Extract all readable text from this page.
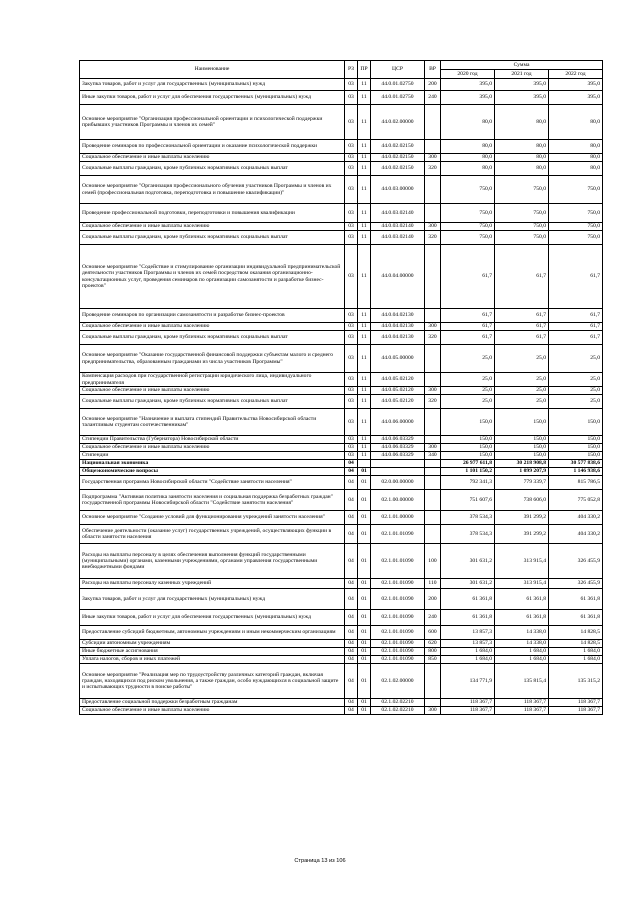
Наименование	РЗ	ПР	ЦСР	ВР	Сумма		
					2020 год	2021 год	2022 год
Закупка товаров, работ и услуг для государственных (муниципальных) нужд	03	11	44.0.01.02750	200	395,0	395,0	395,0
Иные закупки товаров, работ и услуг для обеспечения государственных (муниципальных) нужд	03	11	44.0.01.02750	240	395,0	395,0	395,0
Основное мероприятие "Организация профессиональной ориентации и психологической поддержки прибывших участников Программы и членов их семей"	03	11	44.0.02.00000		80,0	80,0	80,0
Проведение семинаров по профессиональной ориентации и оказание психологической поддержки	03	11	44.0.02.02150		80,0	80,0	80,0
Социальное обеспечение и иные выплаты населению	03	11	44.0.02.02150	300	80,0	80,0	80,0
Социальные выплаты гражданам, кроме публичных нормативных социальных выплат	03	11	44.0.02.02150	320	80,0	80,0	80,0
Основное мероприятие "Организация профессионального обучения участников Программы и членов их семей (профессиональная подготовка, переподготовка и повышение квалификации)"	03	11	44.0.03.00000		750,0	750,0	750,0
Проведение профессиональной подготовки, переподготовки и повышения квалификации	03	11	44.0.03.02140		750,0	750,0	750,0
Социальное обеспечение и иные выплаты населению	03	11	44.0.03.02140	300	750,0	750,0	750,0
Социальные выплаты гражданам, кроме публичных нормативных социальных выплат	03	11	44.0.03.02140	320	750,0	750,0	750,0
Основное мероприятие "Содействие и стимулирование организации индивидуальной предпринимательской деятельности участников Программы и членов их семей посредством оказания организационно-консультационных услуг, проведения семинаров по организации самозанятости и разработке бизнес-проектов"	03	11	44.0.04.00000		61,7	61,7	61,7
Проведение семинаров по организации самозанятости и разработке бизнес-проектов	03	11	44.0.04.02130		61,7	61,7	61,7
Социальное обеспечение и иные выплаты населению	03	11	44.0.04.02130	300	61,7	61,7	61,7
Социальные выплаты гражданам, кроме публичных нормативных социальных выплат	03	11	44.0.04.02130	320	61,7	61,7	61,7
Основное мероприятие "Оказание государственной финансовой поддержки субъектам малого и среднего предпринимательства, образованным гражданами из числа участников Программы"	03	11	44.0.05.00000		25,0	25,0	25,0
Компенсация расходов при государственной регистрации юридического лица, индивидуального предпринимателя	03	11	44.0.05.02120		25,0	25,0	25,0
Социальное обеспечение и иные выплаты населению	03	11	44.0.05.02120	300	25,0	25,0	25,0
Социальные выплаты гражданам, кроме публичных нормативных социальных выплат	03	11	44.0.05.02120	320	25,0	25,0	25,0
Основное мероприятие "Назначение и выплата стипендий Правительства Новосибирской области талантливым студентам соотечественникам"	03	11	44.0.06.00000		150,0	150,0	150,0
Стипендии Правительства (Губернатора) Новосибирской области	03	11	44.0.06.03329		150,0	150,0	150,0
Социальное обеспечение и иные выплаты населению	03	11	44.0.06.03329	300	150,0	150,0	150,0
Стипендии	03	11	44.0.06.03329	340	150,0	150,0	150,0
Национальная экономика	04				26 977 611,8	30 218 908,8	30 577 838,6
Общеэкономические вопросы	04	01			1 101 150,2	1 099 207,9	1 146 938,6
Государственная программа Новосибирской области "Содействие занятости населения"	04	01	02.0.00.00000		792 341,3	779 339,7	815 786,5
Подпрограмма "Активная политика занятости населения и социальная поддержка безработных граждан" государственной программы Новосибирской области "Содействие занятости населения"	04	01	02.1.00.00000		751 607,6	738 606,0	775 052,8
Основное мероприятие "Создание условий для функционирования учреждений занятости населения"	04	01	02.1.01.00000		378 534,3	391 299,2	404 330,2
Обеспечение деятельности (оказание услуг) государственных учреждений, осуществляющих функции в области занятости населения	04	01	02.1.01.01090		378 534,3	391 299,2	404 330,2
Расходы на выплаты персоналу в целях обеспечения выполнения функций государственными (муниципальными) органами, казенными учреждениями, органами управления государственными внебюджетными фондами	04	01	02.1.01.01090	100	301 631,2	313 915,4	326 455,9
Расходы на выплаты персоналу казенных учреждений	04	01	02.1.01.01090	110	301 631,2	313 915,4	326 455,9
Закупка товаров, работ и услуг для государственных (муниципальных) нужд	04	01	02.1.01.01090	200	61 361,8	61 361,8	61 361,8
Иные закупки товаров, работ и услуг для обеспечения государственных (муниципальных) нужд	04	01	02.1.01.01090	240	61 361,8	61 361,8	61 361,8
Предоставление субсидий бюджетным, автономным учреждениям и иным некоммерческим организациям	04	01	02.1.01.01090	600	13 857,3	14 338,0	14 828,5
Субсидии автономным учреждениям	04	01	02.1.01.01090	620	13 857,3	14 338,0	14 828,5
Иные бюджетные ассигнования	04	01	02.1.01.01090	800	1 684,0	1 684,0	1 684,0
Уплата налогов, сборов и иных платежей	04	01	02.1.01.01090	850	1 684,0	1 684,0	1 684,0
Основное мероприятие "Реализация мер по трудоустройству различных категорий граждан, включая граждан, находящихся под риском увольнения, а также граждан, особо нуждающихся в социальной защите и испытывающих трудности в поиске работы"	04	01	02.1.02.00000		134 771,9	135 815,4	135 315,2
Предоставление социальной поддержки безработным гражданам	04	01	02.1.02.02210		118 367,7	118 367,7	118 367,7
Социальное обеспечение и иные выплаты населению	04	01	02.1.02.02210	300	118 367,7	118 367,7	118 367,7
Страница 13 из 106
